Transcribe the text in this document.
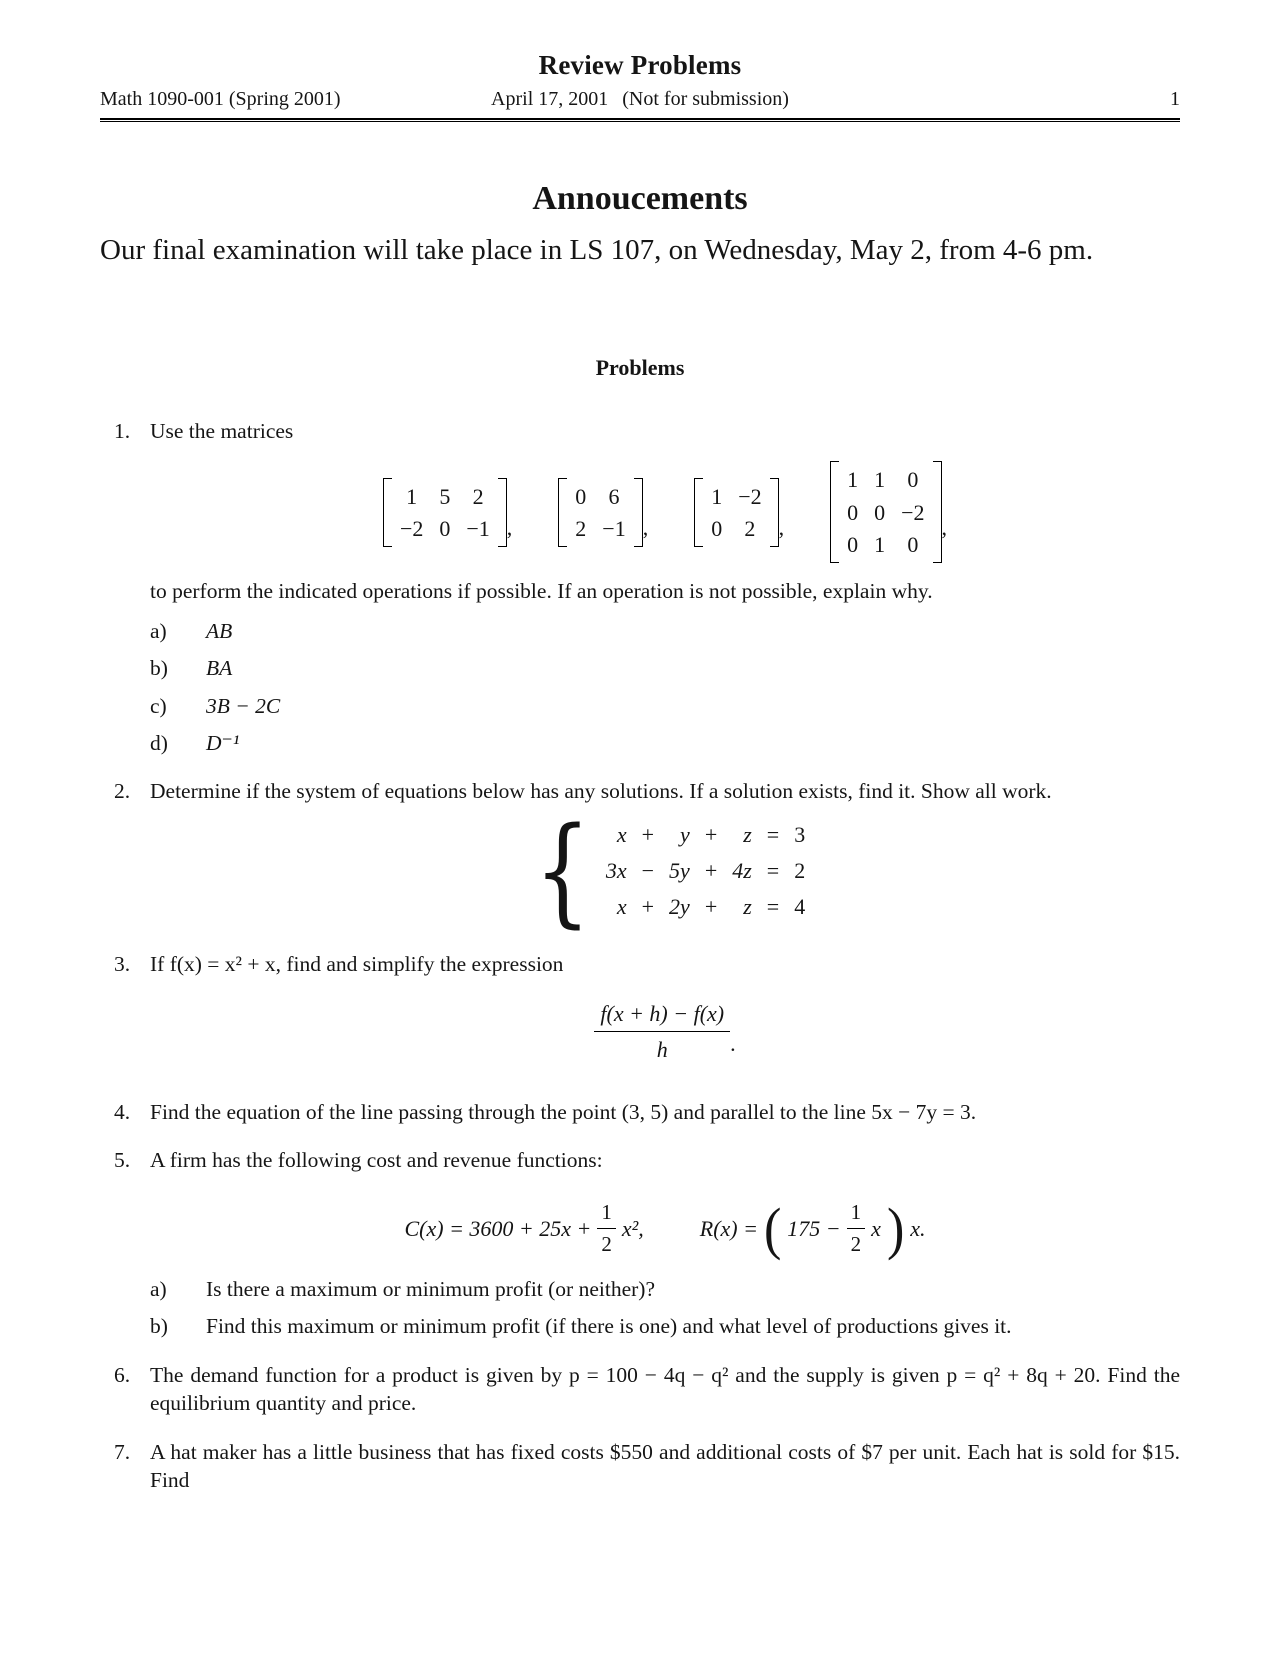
Review Problems
Math 1090-001 (Spring 2001)	April 17, 2001 (Not for submission)	1
Annoucements
Our final examination will take place in LS 107, on Wednesday, May 2, from 4-6 pm.
Problems
1. Use the matrices
1 5 2
−2 0 −1 ,
0 6
2 −1 ,
1 −2
0 2 ,
1 1 0
0 0 −2
0 1 0
,
to perform the indicated operations if possible. If an operation is not possible, explain why.
a)	AB
b)	BA
c)	3B − 2C
d)	D⁻¹
2. Determine if the system of equations below has any solutions. If a solution exists, find it. Show all work.
{ x + y + z = 3
3x − 5y + 4z = 2
x + 2y + z = 4
3. If f(x) = x² + x, find and simplify the expression
$\frac{f(x + h) - f(x)}{h}$ .
4. Find the equation of the line passing through the point (3, 5) and parallel to the line 5x − 7y = 3.
5. A firm has the following cost and revenue functions:
$C(x) = 3600 + 25x + \frac{1}{2} x^2$,	R(x) = ( $175 - \frac{1}{2}$ x ) x.
a)	Is there a maximum or minimum profit (or neither)?
b)	Find this maximum or minimum profit (if there is one) and what level of productions gives it.
6. The demand function for a product is given by p = 100 − 4q − q² and the supply is given p = q² + 8q + 20. Find the equilibrium quantity and price.
7. A hat maker has a little business that has fixed costs $550 and additional costs of $7 per unit. Each hat is sold for $15. Find
